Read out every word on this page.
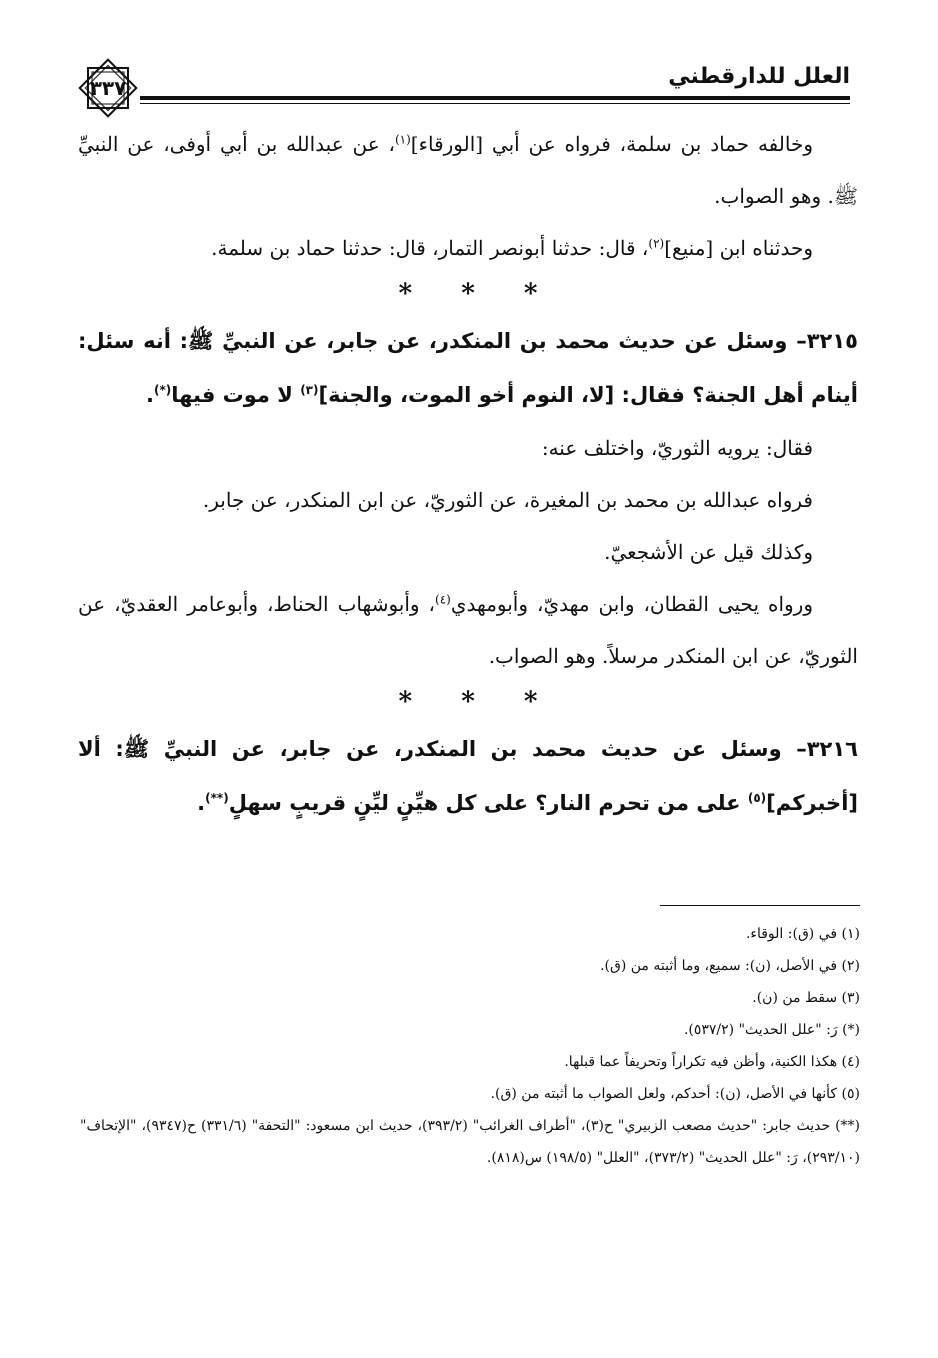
العلل للدارقطني
٣٣٧

وخالفه حماد بن سلمة، فرواه عن أبي [الورقاء]$^{(١)}$، عن عبدالله بن أبي أوفى، عن النبيِّ ﷺ. وهو الصواب.

وحدثناه ابن [منيع]$^{(٢)}$، قال: حدثنا أبونصر التمار، قال: حدثنا حماد بن سلمة.

* * *

٣٢١٥– وسئل عن حديث محمد بن المنكدر، عن جابر، عن النبيِّ ﷺ: أنه سئل: أينام أهل الجنة؟ فقال: [لا، النوم أخو الموت، والجنة]$^{(٣)}$ لا موت فيها(*).

فقال: يرويه الثوريّ، واختلف عنه:

فرواه عبدالله بن محمد بن المغيرة، عن الثوريّ، عن ابن المنكدر، عن جابر.

وكذلك قيل عن الأشجعيّ.

ورواه يحيى القطان، وابن مهديّ، وأبومهدي$^{(٤)}$، وأبوشهاب الحناط، وأبوعامر العقديّ، عن الثوريّ، عن ابن المنكدر مرسلاً. وهو الصواب.

* * *

٣٢١٦– وسئل عن حديث محمد بن المنكدر، عن جابر، عن النبيِّ ﷺ: ألا [أخبركم]$^{(٥)}$ على من تحرم النار؟ على كل هيِّنٍ ليِّنٍ قريبٍ سهلٍ(**).

(١) في (ق): الوقاء.

(٢) في الأصل، (ن): سميع، وما أثبته من (ق).

(٣) سقط من (ن).

(*) رَ: "علل الحديث" (٥٣٧/٢).

(٤) هكذا الكنية، وأظن فيه تكراراً وتحريفاً عما قبلها.

(٥) كأنها في الأصل، (ن): أحدكم، ولعل الصواب ما أثبته من (ق).

(**) حديث جابر: "حديث مصعب الزبيري" ح(٣)، "أطراف الغرائب" (٣٩٣/٢)، حديث ابن مسعود: "التحفة" (٣٣١/٦) ح(٩٣٤٧)، "الإتحاف" (٢٩٣/١٠)، رَ: "علل الحديث" (٣٧٣/٢)، "العلل" (١٩٨/٥) س(٨١٨).
